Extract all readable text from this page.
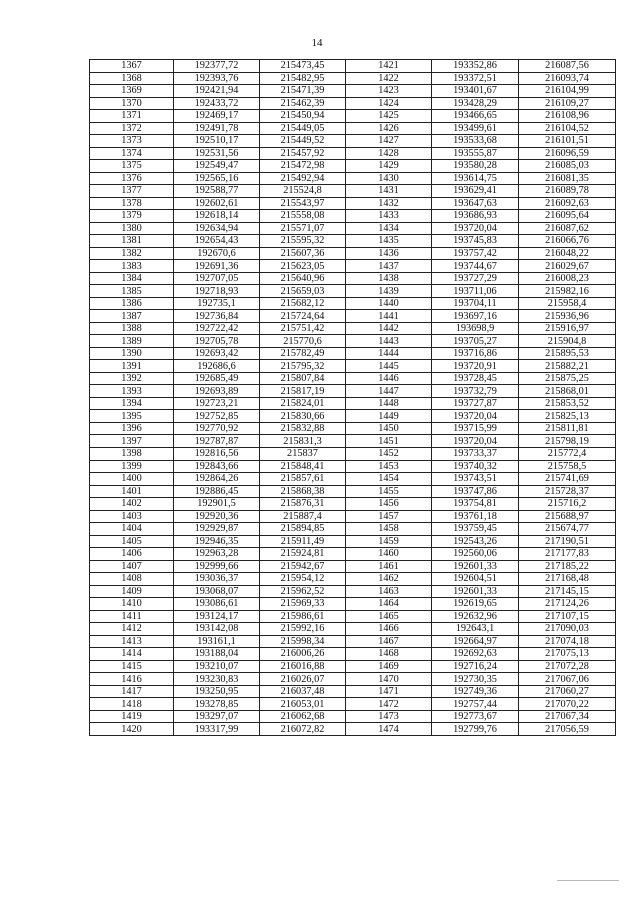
14
1367	192377,72	215473,45	1421	193352,86	216087,56
1368	192393,76	215482,95	1422	193372,51	216093,74
1369	192421,94	215471,39	1423	193401,67	216104,99
1370	192433,72	215462,39	1424	193428,29	216109,27
1371	192469,17	215450,94	1425	193466,65	216108,96
1372	192491,78	215449,05	1426	193499,61	216104,52
1373	192510,17	215449,52	1427	193533,68	216101,51
1374	192531,56	215457,92	1428	193555,87	216096,59
1375	192549,47	215472,98	1429	193580,28	216085,03
1376	192565,16	215492,94	1430	193614,75	216081,35
1377	192588,77	215524,8	1431	193629,41	216089,78
1378	192602,61	215543,97	1432	193647,63	216092,63
1379	192618,14	215558,08	1433	193686,93	216095,64
1380	192634,94	215571,07	1434	193720,04	216087,62
1381	192654,43	215595,32	1435	193745,83	216066,76
1382	192670,6	215607,36	1436	193757,42	216048,22
1383	192691,36	215623,05	1437	193744,67	216029,67
1384	192707,05	215640,96	1438	193727,29	216008,23
1385	192718,93	215659,03	1439	193711,06	215982,16
1386	192735,1	215682,12	1440	193704,11	215958,4
1387	192736,84	215724,64	1441	193697,16	215936,96
1388	192722,42	215751,42	1442	193698,9	215916,97
1389	192705,78	215770,6	1443	193705,27	215904,8
1390	192693,42	215782,49	1444	193716,86	215895,53
1391	192686,6	215795,32	1445	193720,91	215882,21
1392	192685,49	215807,84	1446	193728,45	215875,25
1393	192693,89	215817,19	1447	193732,79	215868,01
1394	192723,21	215824,01	1448	193727,87	215853,52
1395	192752,85	215830,66	1449	193720,04	215825,13
1396	192770,92	215832,88	1450	193715,99	215811,81
1397	192787,87	215831,3	1451	193720,04	215798,19
1398	192816,56	215837	1452	193733,37	215772,4
1399	192843,66	215848,41	1453	193740,32	215758,5
1400	192864,26	215857,61	1454	193743,51	215741,69
1401	192886,45	215868,38	1455	193747,86	215728,37
1402	192901,5	215876,31	1456	193754,81	215716,2
1403	192920,36	215887,4	1457	193761,18	215688,97
1404	192929,87	215894,85	1458	193759,45	215674,77
1405	192946,35	215911,49	1459	192543,26	217190,51
1406	192963,28	215924,81	1460	192560,06	217177,83
1407	192999,66	215942,67	1461	192601,33	217185,22
1408	193036,37	215954,12	1462	192604,51	217168,48
1409	193068,07	215962,52	1463	192601,33	217145,15
1410	193086,61	215969,33	1464	192619,65	217124,26
1411	193124,17	215986,61	1465	192632,96	217107,15
1412	193142,08	215992,16	1466	192643,1	217090,03
1413	193161,1	215998,34	1467	192664,97	217074,18
1414	193188,04	216006,26	1468	192692,63	217075,13
1415	193210,07	216016,88	1469	192716,24	217072,28
1416	193230,83	216026,07	1470	192730,35	217067,06
1417	193250,95	216037,48	1471	192749,36	217060,27
1418	193278,85	216053,01	1472	192757,44	217070,22
1419	193297,07	216062,68	1473	192773,67	217067,34
1420	193317,99	216072,82	1474	192799,76	217056,59
